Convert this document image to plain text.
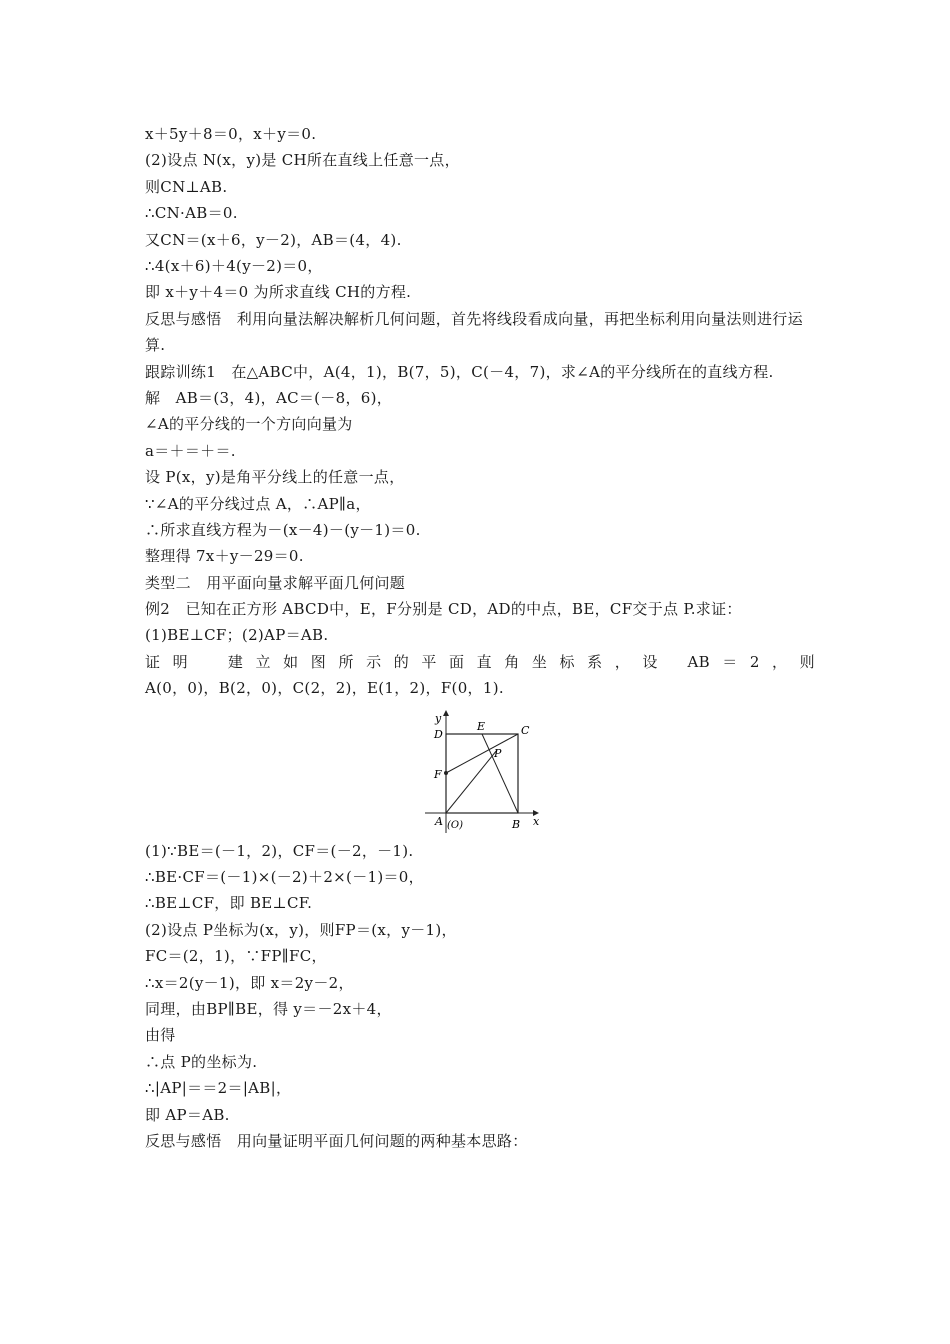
x＋5y＋8＝0，x＋y＝0.
(2)设点 N(x，y)是 CH所在直线上任意一点，
则CN⊥AB.
∴CN·AB＝0.
又CN＝(x＋6，y－2)，AB＝(4，4).
∴4(x＋6)＋4(y－2)＝0，
即 x＋y＋4＝0 为所求直线 CH的方程.
反思与感悟　利用向量法解决解析几何问题，首先将线段看成向量，再把坐标利用向量法则进行运算.
跟踪训练1　在△ABC中，A(4，1)，B(7，5)，C(－4，7)，求∠A的平分线所在的直线方程.
解　AB＝(3，4)，AC＝(－8，6)，
∠A的平分线的一个方向向量为
a＝＋＝＋＝.
设 P(x，y)是角平分线上的任意一点，
∵∠A的平分线过点 A，∴AP∥a，
∴所求直线方程为－(x－4)－(y－1)＝0.
整理得 7x＋y－29＝0.
类型二　用平面向量求解平面几何问题
例2　已知在正方形 ABCD中，E，F分别是 CD，AD的中点，BE，CF交于点 P.求证：
(1)BE⊥CF；(2)AP＝AB.
证明　建立如图所示的平面直角坐标系，设 AB＝2，则
A(0，0)，B(2，0)，C(2，2)，E(1，2)，F(0，1).
y
x
D
E	C
P
F
A (O)	B
(1)∵BE＝(－1，2)，CF＝(－2，－1).
∴BE·CF＝(－1)×(－2)＋2×(－1)＝0，
∴BE⊥CF，即 BE⊥CF.
(2)设点 P坐标为(x，y)，则FP＝(x，y－1)，
FC＝(2，1)，∵FP∥FC，
∴x＝2(y－1)，即 x＝2y－2，
同理，由BP∥BE，得 y＝－2x＋4，
由得
∴点 P的坐标为.
∴|AP|＝＝2＝|AB|，
即 AP＝AB.
反思与感悟　用向量证明平面几何问题的两种基本思路：
